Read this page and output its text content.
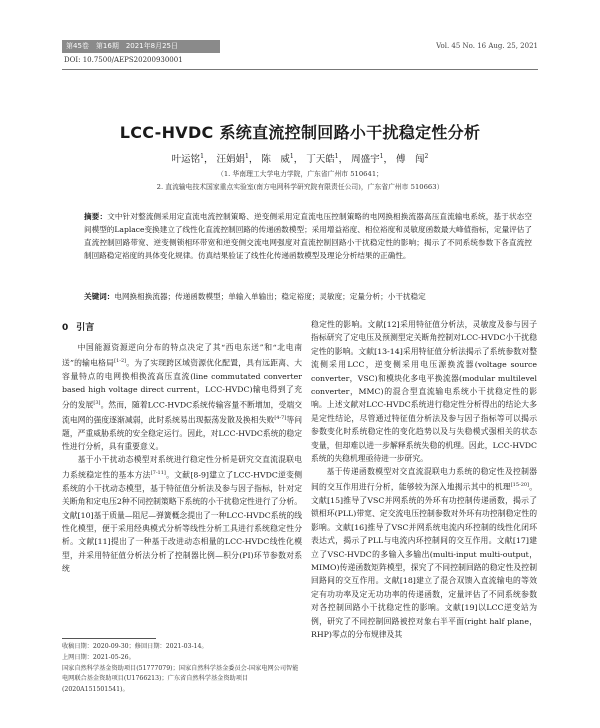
第45卷　第16期　2021年8月25日	Vol. 45 No. 16 Aug. 25, 2021
DOI: 10.7500/AEPS20200930001
LCC-HVDC 系统直流控制回路小干扰稳定性分析
叶运铭$^1$， 汪娟娟$^1$， 陈　威$^1$， 丁天皓$^1$， 周盛宇$^1$， 傅　闯$^2$
（1. 华南理工大学电力学院，广东省广州市 510641；
2. 直流输电技术国家重点实验室(南方电网科学研究院有限责任公司)，广东省广州市 510663）
摘要：文中针对整流侧采用定直流电流控制策略、逆变侧采用定直流电压控制策略的电网换相换流器高压直流输电系统，基于状态空间模型的Laplace变换建立了线性化直流控制回路的传递函数模型；采用增益裕度、相位裕度和灵敏度函数最大峰值指标，定量评估了直流控制回路带宽、逆变侧锁相环带宽和逆变侧交流电网强度对直流控制回路小干扰稳定性的影响；揭示了不同系统参数下各直流控制回路稳定裕度的具体变化规律。仿真结果验证了线性化传递函数模型及理论分析结果的正确性。
关键词：电网换相换流器；传递函数模型；单输入单输出；稳定裕度；灵敏度；定量分析；小干扰稳定
0 引言

中国能源资源逆向分布的特点决定了其“西电东送”和“北电南送”的输电格局[1-2]。为了实现跨区域资源优化配置，具有远距离、大容量特点的电网换相换流高压直流(line commutated converter based high voltage direct current，LCC-HVDC)输电得到了充分的发展[3]。然而，随着LCC-HVDC系统传输容量不断增加，受端交流电网的强度逐渐减弱，此时系统易出现振荡发散及换相失败[4-7]等问题，严重威胁系统的安全稳定运行。因此，对LCC-HVDC系统的稳定性进行分析，具有重要意义。

基于小干扰动态模型对系统进行稳定性分析是研究交直流混联电力系统稳定性的基本方法[7-11]。文献[8-9]建立了LCC-HVDC逆变侧系统的小干扰动态模型，基于特征值分析法及参与因子指标，针对定关断角和定电压2种不同控制策略下系统的小干扰稳定性进行了分析。文献[10]基于质量—阻尼—弹簧概念提出了一种LCC-HVDC系统的线性化模型，便于采用经典模式分析等线性分析工具进行系统稳定性分析。文献[11]提出了一种基于改进动态相量的LCC-HVDC线性化模型，并采用特征值分析法分析了控制器比例—积分(PI)环节参数对系统

收稿日期：2020-09-30；修回日期：2021-03-14。
上网日期：2021-05-26。
国家自然科学基金资助项目(51777079)；国家自然科学基金委员会-国家电网公司智能电网联合基金资助项目(U1766213)；广东省自然科学基金资助项目(2020A151501541)。

稳定性的影响。文献[12]采用特征值分析法，灵敏度及参与因子指标研究了定电压及预测型定关断角控制对LCC-HVDC小干扰稳定性的影响。文献[13-14]采用特征值分析法揭示了系统参数对整流侧采用LCC，逆变侧采用电压源换流器(voltage source converter，VSC)和模块化多电平换流器(modular multilevel converter，MMC)的混合型直流输电系统小干扰稳定性的影响。上述文献对LCC-HVDC系统进行稳定性分析得出的结论大多是定性结论，尽管通过特征值分析法及参与因子指标等可以揭示参数变化时系统稳定性的变化趋势以及与失稳模式强相关的状态变量，但却难以进一步解释系统失稳的机理。因此，LCC-HVDC系统的失稳机理亟待进一步研究。

基于传递函数模型对交直流混联电力系统的稳定性及控制器间的交互作用进行分析，能够较为深入地揭示其中的机理[15-20]。文献[15]推导了VSC并网系统的外环有功控制传递函数，揭示了锁相环(PLL)带宽、定交流电压控制参数对外环有功控制稳定性的影响。文献[16]推导了VSC并网系统电流内环控制的线性化闭环表达式，揭示了PLL与电流内环控制间的交互作用。文献[17]建立了VSC-HVDC的多输入多输出(multi-input multi-output，MIMO)传递函数矩阵模型，探究了不同控制回路的稳定性及控制回路间的交互作用。文献[18]建立了混合双馈入直流输电的等效定有功功率及定无功功率的传递函数，定量评估了不同系统参数对各控制回路小干扰稳定性的影响。文献[19]以LCC逆变站为例，研究了不同控制回路被控对象右半平面(right half plane，RHP)零点的分布规律及其
